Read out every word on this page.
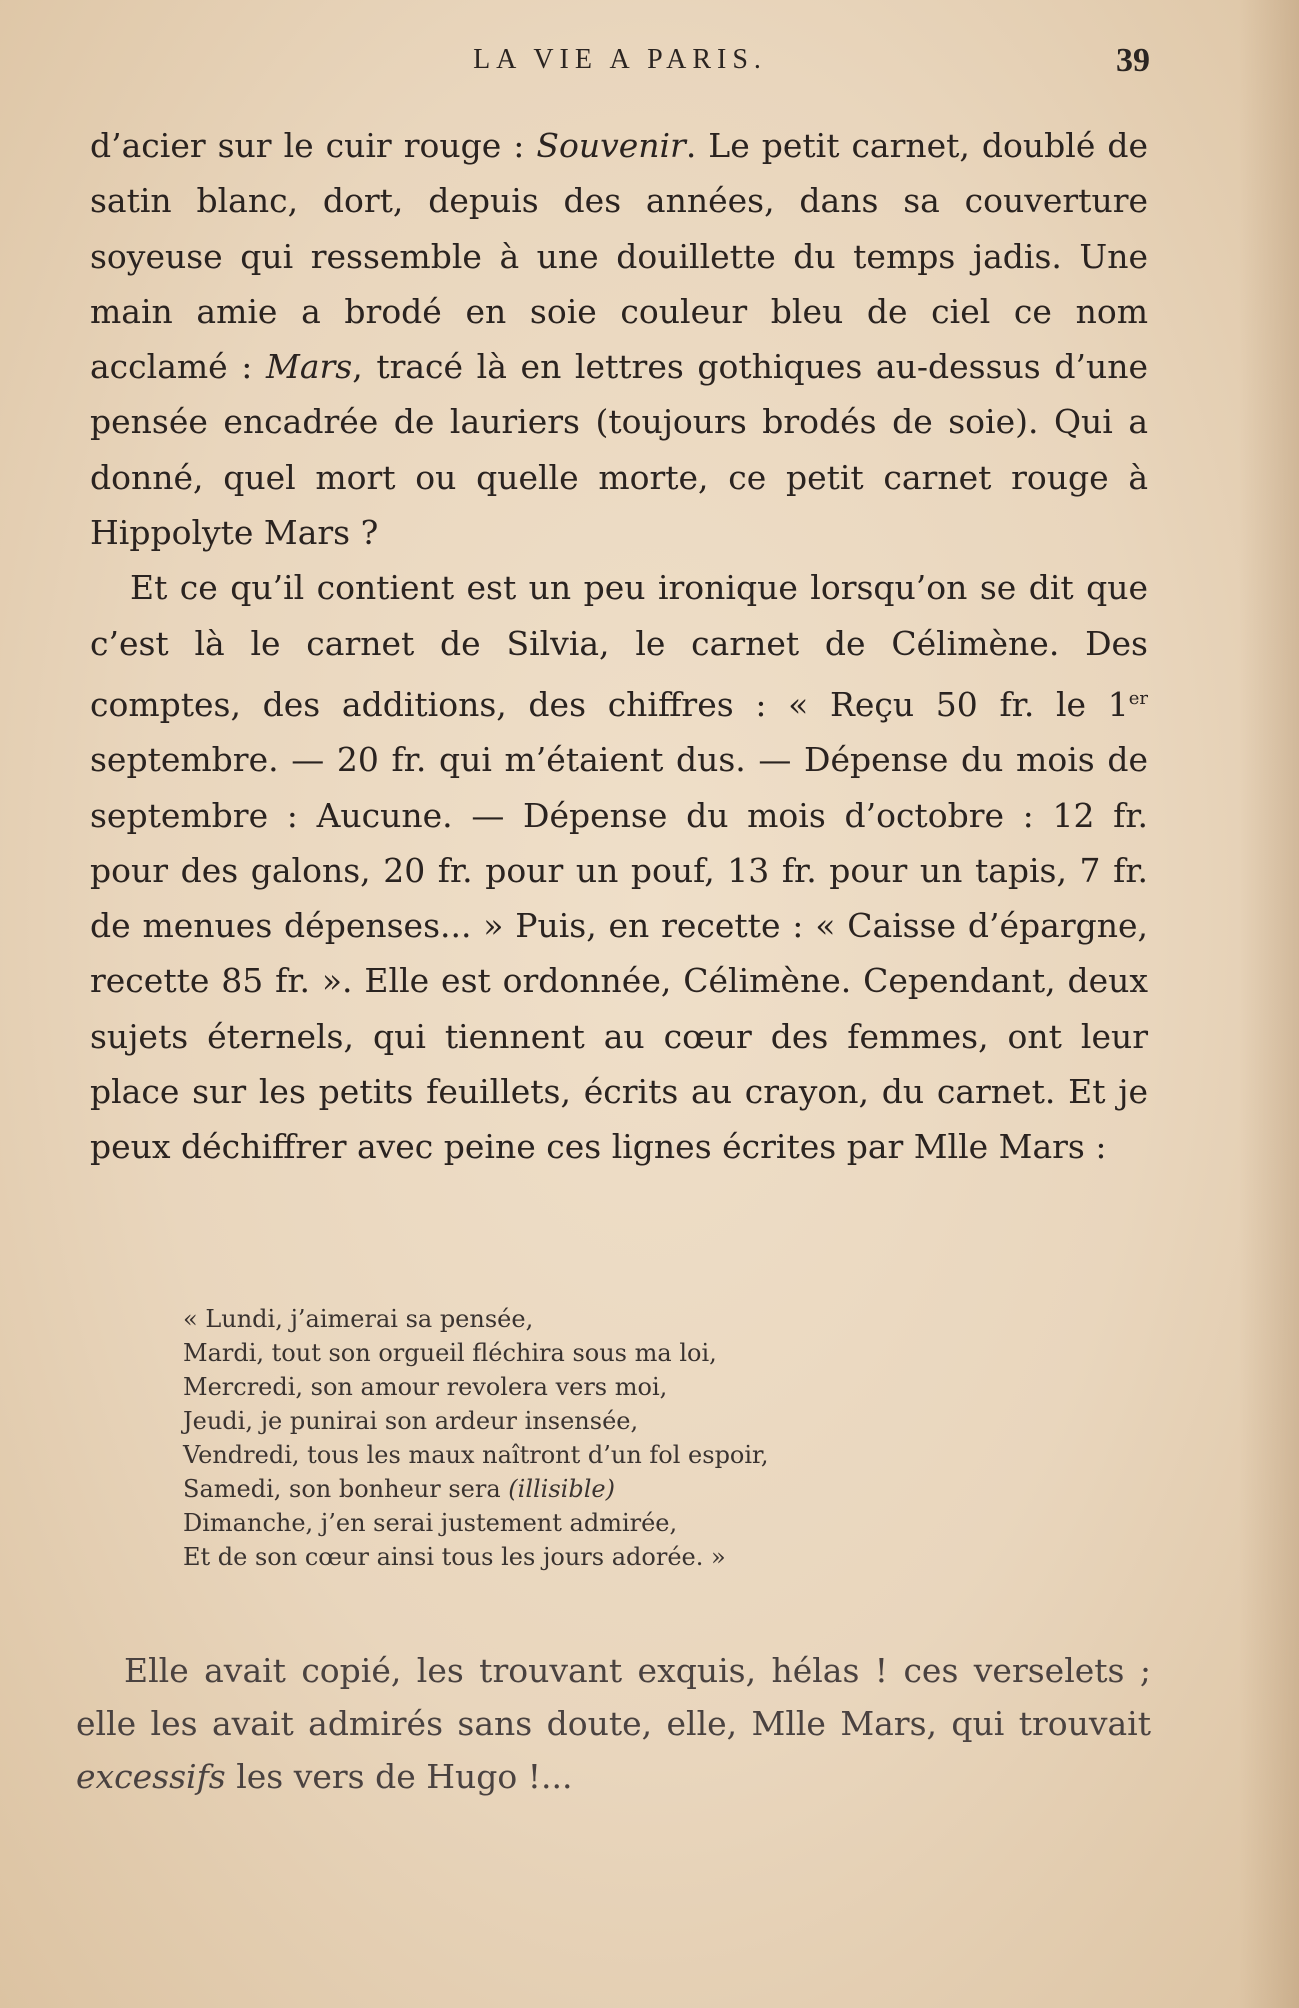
LA VIE A PARIS.	39

d’acier sur le cuir rouge : Souvenir. Le petit carnet, doublé de satin blanc, dort, depuis des années, dans sa couverture soyeuse qui ressemble à une douillette du temps jadis. Une main amie a brodé en soie couleur bleu de ciel ce nom acclamé : Mars, tracé là en lettres gothiques au-dessus d’une pensée encadrée de lauriers (toujours brodés de soie). Qui a donné, quel mort ou quelle morte, ce petit carnet rouge à Hippolyte Mars ?

Et ce qu’il contient est un peu ironique lorsqu’on se dit que c’est là le carnet de Silvia, le carnet de Célimène. Des comptes, des additions, des chiffres : « Reçu 50 fr. le 1er septembre. — 20 fr. qui m’étaient dus. — Dépense du mois de septembre : Aucune. — Dépense du mois d’octobre : 12 fr. pour des galons, 20 fr. pour un pouf, 13 fr. pour un tapis, 7 fr. de menues dépenses... » Puis, en recette : « Caisse d’épargne, recette 85 fr. ». Elle est ordonnée, Célimène. Cependant, deux sujets éternels, qui tiennent au cœur des femmes, ont leur place sur les petits feuillets, écrits au crayon, du carnet. Et je peux déchiffrer avec peine ces lignes écrites par Mlle Mars :

« Lundi, j’aimerai sa pensée,
Mardi, tout son orgueil fléchira sous ma loi,
Mercredi, son amour revolera vers moi,
Jeudi, je punirai son ardeur insensée,
Vendredi, tous les maux naîtront d’un fol espoir,
Samedi, son bonheur sera (illisible)
Dimanche, j’en serai justement admirée,
Et de son cœur ainsi tous les jours adorée. »
Elle avait copié, les trouvant exquis, hélas ! ces verselets ; elle les avait admirés sans doute, elle, Mlle Mars, qui trouvait excessifs les vers de Hugo !...
